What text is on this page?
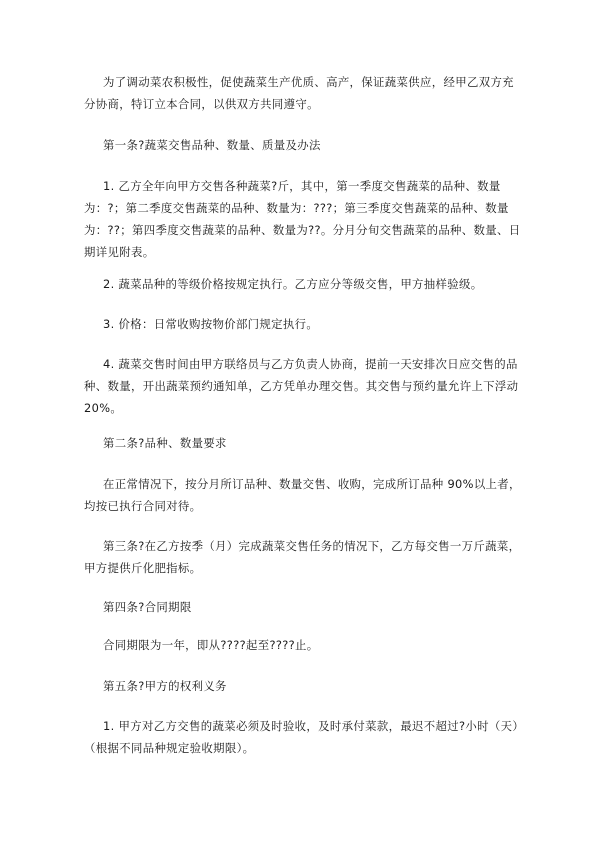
为了调动菜农积极性，促使蔬菜生产优质、高产，保证蔬菜供应，经甲乙双方充分协商，特订立本合同，以供双方共同遵守。

第一条?蔬菜交售品种、数量、质量及办法

1. 乙方全年向甲方交售各种蔬菜?斤，其中，第一季度交售蔬菜的品种、数量为：?；第二季度交售蔬菜的品种、数量为：???；第三季度交售蔬菜的品种、数量为：??；第四季度交售蔬菜的品种、数量为??。分月分旬交售蔬菜的品种、数量、日期详见附表。

2. 蔬菜品种的等级价格按规定执行。乙方应分等级交售，甲方抽样验级。

3. 价格：日常收购按物价部门规定执行。

4. 蔬菜交售时间由甲方联络员与乙方负责人协商，提前一天安排次日应交售的品种、数量，开出蔬菜预约通知单，乙方凭单办理交售。其交售与预约量允许上下浮动20%。

第二条?品种、数量要求

在正常情况下，按分月所订品种、数量交售、收购，完成所订品种 90%以上者，均按已执行合同对待。

第三条?在乙方按季（月）完成蔬菜交售任务的情况下，乙方每交售一万斤蔬菜，甲方提供斤化肥指标。

第四条?合同期限

合同期限为一年，即从????起至????止。

第五条?甲方的权利义务

1. 甲方对乙方交售的蔬菜必须及时验收，及时承付菜款，最迟不超过?小时（天）（根据不同品种规定验收期限）。
